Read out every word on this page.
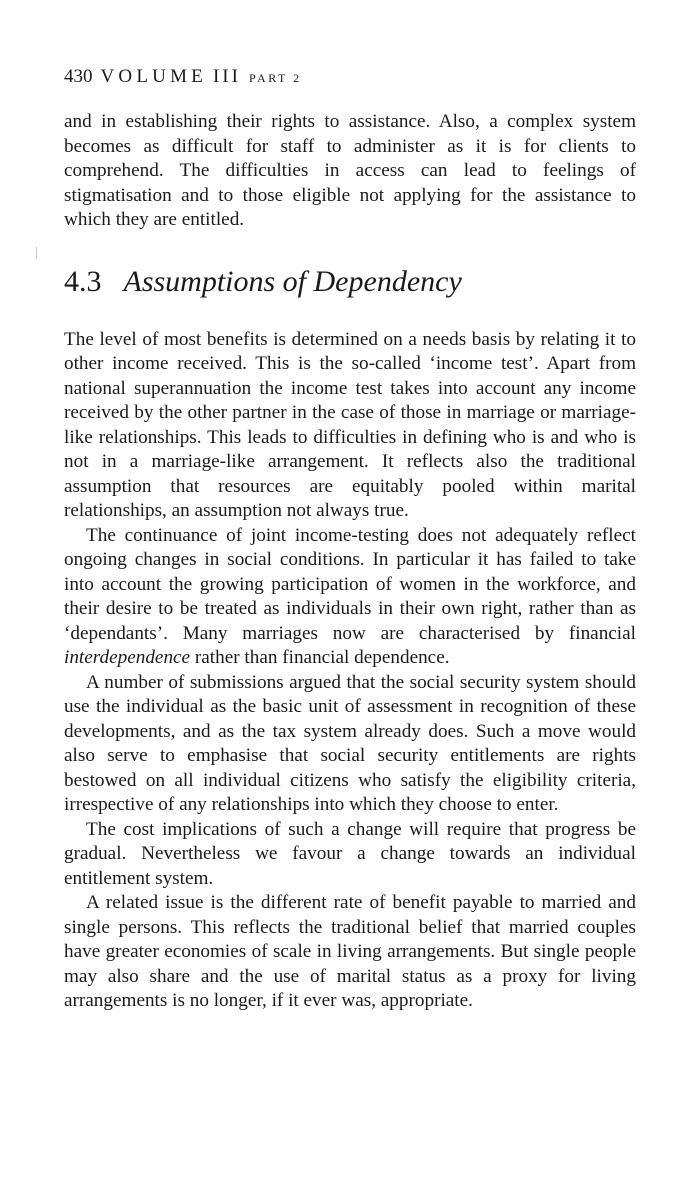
430 VOLUME III PART 2

and in establishing their rights to assistance. Also, a complex system becomes as difficult for staff to administer as it is for clients to comprehend. The difficulties in access can lead to feelings of stigmatisation and to those eligible not applying for the assistance to which they are entitled.

4.3 Assumptions of Dependency

The level of most benefits is determined on a needs basis by relating it to other income received. This is the so-called ‘income test’. Apart from national superannuation the income test takes into account any income received by the other partner in the case of those in marriage or marriage-like relationships. This leads to difficulties in defining who is and who is not in a marriage-like arrangement. It reflects also the traditional assumption that resources are equitably pooled within marital relationships, an assumption not always true.

The continuance of joint income-testing does not adequately reflect ongoing changes in social conditions. In particular it has failed to take into account the growing participation of women in the workforce, and their desire to be treated as individuals in their own right, rather than as ‘dependants’. Many marriages now are characterised by financial interdependence rather than financial dependence.

A number of submissions argued that the social security system should use the individual as the basic unit of assessment in recognition of these developments, and as the tax system already does. Such a move would also serve to emphasise that social security entitlements are rights bestowed on all individual citizens who satisfy the eligibility criteria, irrespective of any relationships into which they choose to enter.

The cost implications of such a change will require that progress be gradual. Nevertheless we favour a change towards an individual entitlement system.

A related issue is the different rate of benefit payable to married and single persons. This reflects the traditional belief that married couples have greater economies of scale in living arrangements. But single people may also share and the use of marital status as a proxy for living arrangements is no longer, if it ever was, appropriate.
